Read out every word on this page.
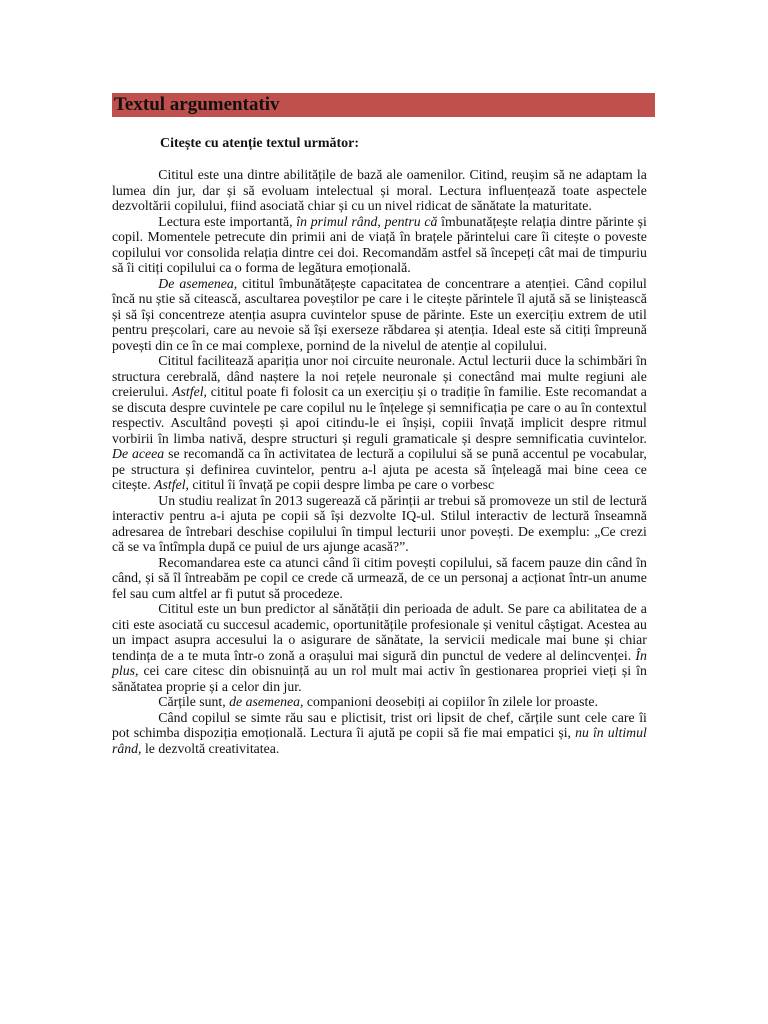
Textul argumentativ
Citește cu atenție textul următor:

Cititul este una dintre abilitățile de bază ale oamenilor. Citind, reușim să ne adaptam la lumea din jur, dar și să evoluam intelectual și moral. Lectura influențează toate aspectele dezvoltării copilului, fiind asociată chiar și cu un nivel ridicat de sănătate la maturitate.

Lectura este importantă, în primul rând, pentru că îmbunatățește relația dintre părinte și copil. Momentele petrecute din primii ani de viață în brațele părintelui care îi citește o poveste copilului vor consolida relația dintre cei doi. Recomandăm astfel să începeți cât mai de timpuriu să îi citiți copilului ca o forma de legătura emoțională.

De asemenea, cititul îmbunătățește capacitatea de concentrare a atenției. Când copilul încă nu știe să citească, ascultarea poveștilor pe care i le citește părintele îl ajută să se liniștească și să își concentreze atenția asupra cuvintelor spuse de părinte. Este un exercițiu extrem de util pentru preșcolari, care au nevoie să își exerseze răbdarea și atenția. Ideal este să citiți împreună povești din ce în ce mai complexe, pornind de la nivelul de atenție al copilului.

Cititul facilitează apariția unor noi circuite neuronale. Actul lecturii duce la schimbări în structura cerebrală, dând naștere la noi rețele neuronale și conectând mai multe regiuni ale creierului. Astfel, cititul poate fi folosit ca un exercițiu și o tradiție în familie. Este recomandat a se discuta despre cuvintele pe care copilul nu le înțelege și semnificația pe care o au în contextul respectiv. Ascultând povești și apoi citindu-le ei înșiși, copiii învață implicit despre ritmul vorbirii în limba nativă, despre structuri și reguli gramaticale și despre semnificatia cuvintelor. De aceea se recomandă ca în activitatea de lectură a copilului să se pună accentul pe vocabular, pe structura și definirea cuvintelor, pentru a-l ajuta pe acesta să înțeleagă mai bine ceea ce citește. Astfel, cititul îi învață pe copii despre limba pe care o vorbesc

Un studiu realizat în 2013 sugerează că părinții ar trebui să promoveze un stil de lectură interactiv pentru a-i ajuta pe copii să își dezvolte IQ-ul. Stilul interactiv de lectură înseamnă adresarea de întrebari deschise copilului în timpul lecturii unor povești. De exemplu: „Ce crezi că se va întîmpla după ce puiul de urs ajunge acasă?”.

Recomandarea este ca atunci când îi citim povești copilului, să facem pauze din când în când, și să îl întreabăm pe copil ce crede că urmează, de ce un personaj a acționat într-un anume fel sau cum altfel ar fi putut să procedeze.

Cititul este un bun predictor al sănătății din perioada de adult. Se pare ca abilitatea de a citi este asociată cu succesul academic, oportunitățile profesionale și venitul câștigat. Acestea au un impact asupra accesului la o asigurare de sănătate, la servicii medicale mai bune și chiar tendința de a te muta într-o zonă a orașului mai sigură din punctul de vedere al delincvenței. În plus, cei care citesc din obisnuință au un rol mult mai activ în gestionarea propriei vieți și în sănătatea proprie și a celor din jur.

Cărțile sunt, de asemenea, companioni deosebiți ai copiilor în zilele lor proaste.

Când copilul se simte rău sau e plictisit, trist ori lipsit de chef, cărțile sunt cele care îi pot schimba dispoziția emoțională. Lectura îi ajută pe copii să fie mai empatici și, nu în ultimul rând, le dezvoltă creativitatea.
